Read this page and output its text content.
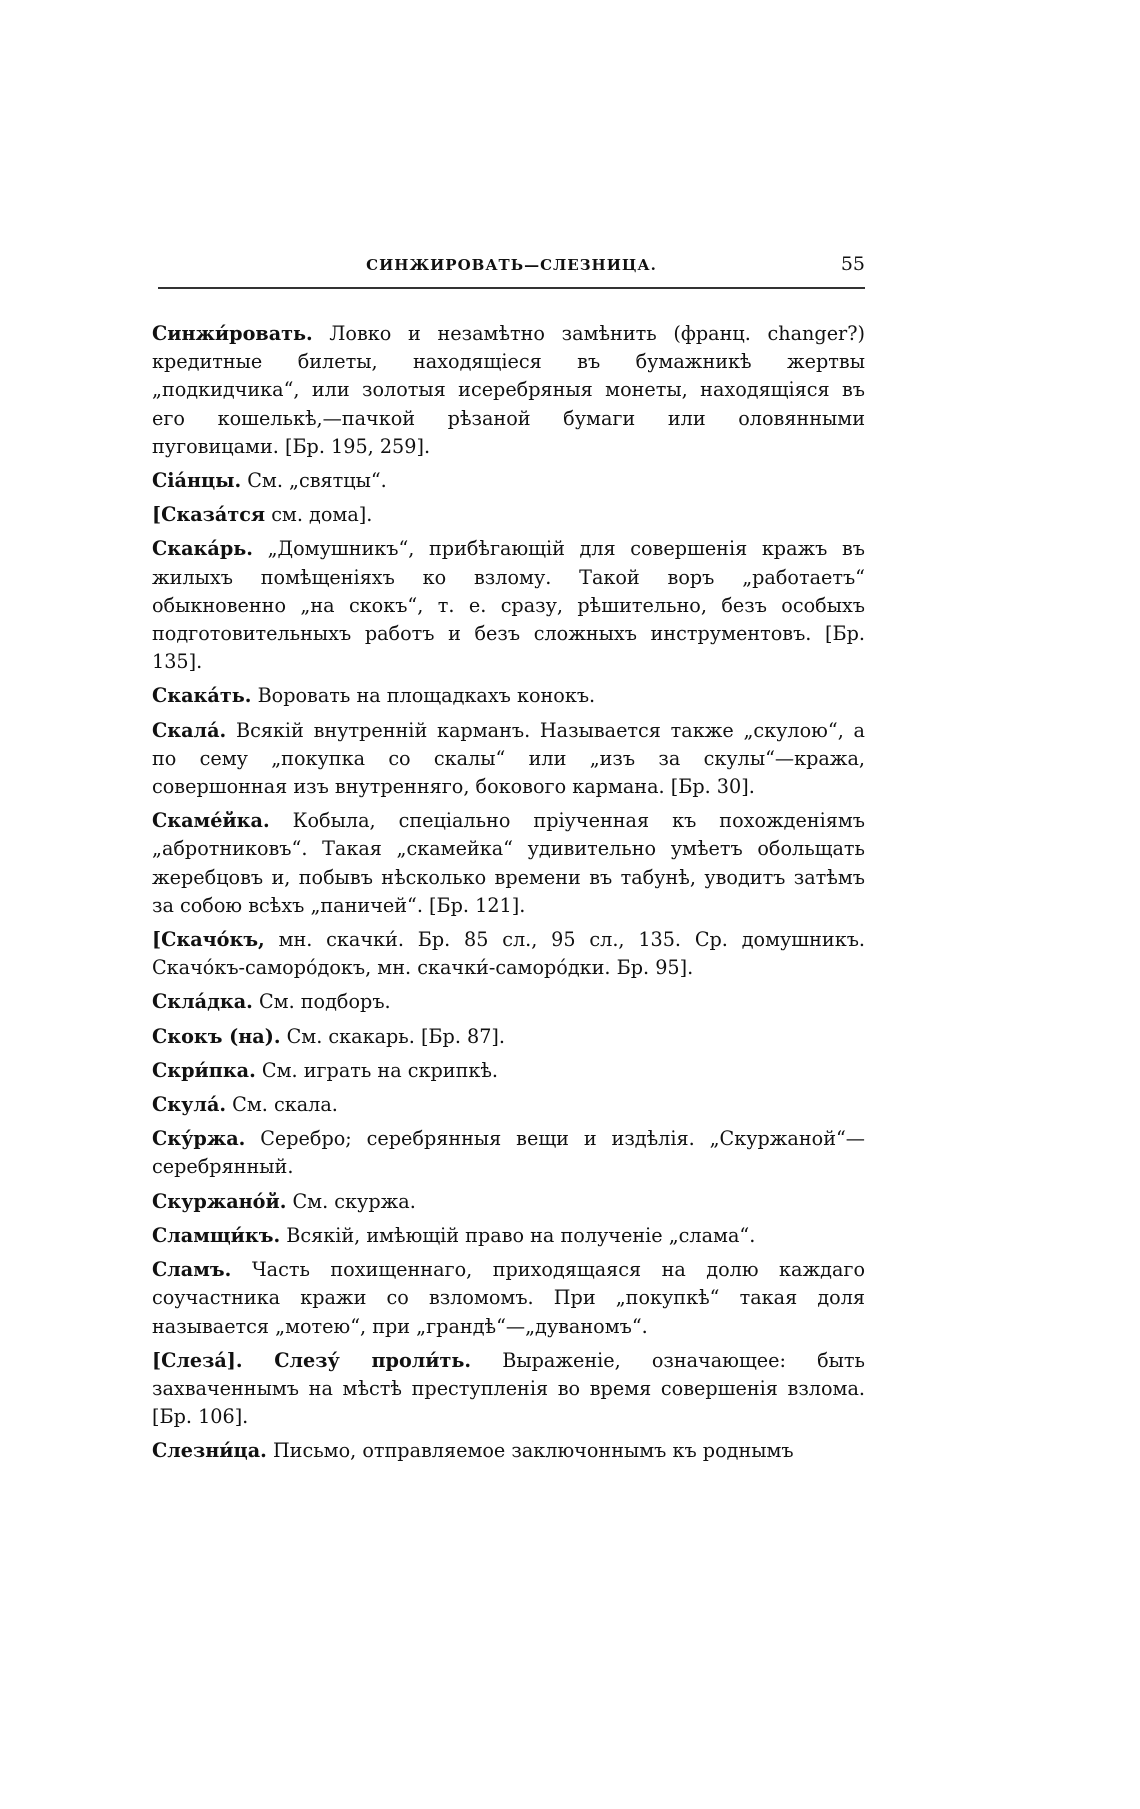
СИНЖИРОВАТЬ—СЛЕЗНИЦА.	55

Синжи́ровать. Ловко и незамѣтно замѣнить (франц. changer?) кредитные билеты, находящіеся въ бумажникѣ жертвы „подкидчика“, или золотыя исеребряныя монеты, находящіяся въ его кошелькѣ,—пачкой рѣзаной бумаги или оловянными пуговицами. [Бр. 195, 259].

Сіа́нцы. См. „святцы“.

[Сказа́тся см. дома].

Скака́рь. „Домушникъ“, прибѣгающій для совершенія кражъ въ жилыхъ помѣщеніяхъ ко взлому. Такой воръ „работаетъ“ обыкновенно „на скокъ“, т. е. сразу, рѣшительно, безъ особыхъ подготовительныхъ работъ и безъ сложныхъ инструментовъ. [Бр. 135].

Скака́ть. Воровать на площадкахъ конокъ.

Скала́. Всякій внутренній карманъ. Называется также „скулою“, а по сему „покупка со скалы“ или „изъ за скулы“—кража, совершонная изъ внутренняго, бокового кармана. [Бр. 30].

Скаме́йка. Кобыла, спеціально пріученная къ похожденіямъ „абротниковъ“. Такая „скамейка“ удивительно умѣетъ обольщать жеребцовъ и, побывъ нѣсколько времени въ табунѣ, уводитъ затѣмъ за собою всѣхъ „паничей“. [Бр. 121].

[Скачо́къ, мн. скачки́. Бр. 85 сл., 95 сл., 135. Ср. домушникъ. Скачо́къ-саморо́докъ, мн. скачки́-саморо́дки. Бр. 95].

Скла́дка. См. подборъ.

Скокъ (на). См. скакарь. [Бр. 87].

Скри́пка. См. играть на скрипкѣ.

Скула́. См. скала.

Ску́ржа. Серебро; серебрянныя вещи и издѣлія. „Скуржаной“—серебрянный.

Скуржано́й. См. скуржа.

Сламщи́къ. Всякій, имѣющій право на полученіе „слама“.

Сламъ. Часть похищеннаго, приходящаяся на долю каждаго соучастника кражи со взломомъ. При „покупкѣ“ такая доля называется „мотею“, при „грандѣ“—„дуваномъ“.

[Слеза́]. Слезу́ проли́ть. Выраженіе, означающее: быть захваченнымъ на мѣстѣ преступленія во время совершенія взлома. [Бр. 106].

Слезни́ца. Письмо, отправляемое заключоннымъ къ роднымъ
